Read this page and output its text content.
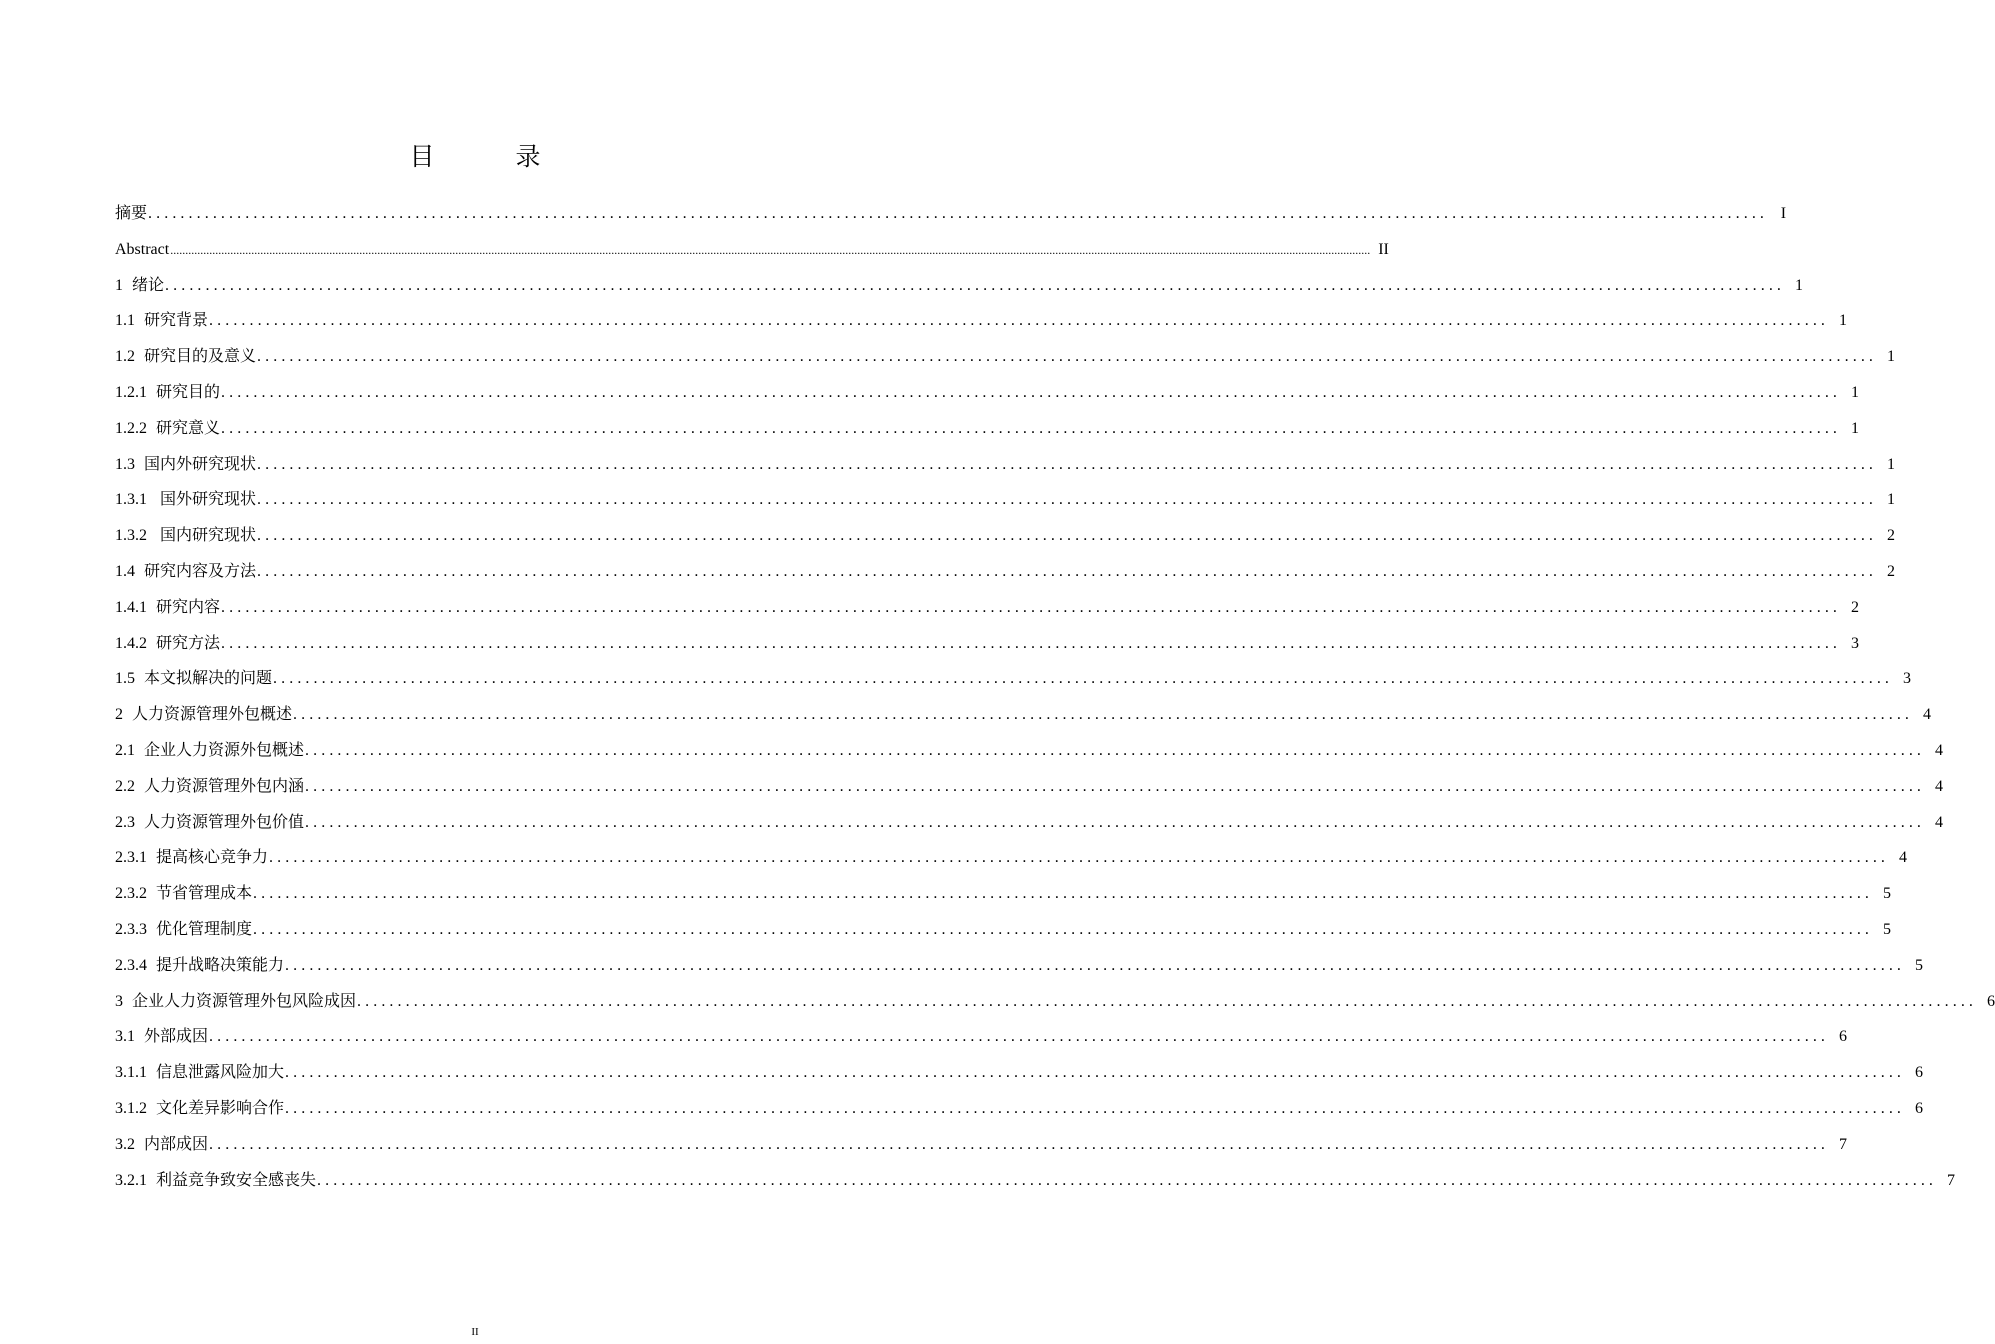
目　录
摘要 ........................................................................................................................................................................................................ I
Abstract ................................................................................................................................................................................................................................................................................................................................................................................................................ II
1 绪论 ........................................................................................................................................................................................................ 1
1.1 研究背景 ........................................................................................................................................................................................................ 1
1.2 研究目的及意义 ........................................................................................................................................................................................................ 1
1.2.1 研究目的 ........................................................................................................................................................................................................ 1
1.2.2 研究意义 ........................................................................................................................................................................................................ 1
1.3 国内外研究现状 ........................................................................................................................................................................................................ 1
1.3.1 国外研究现状 ........................................................................................................................................................................................................ 1
1.3.2 国内研究现状 ........................................................................................................................................................................................................ 2
1.4 研究内容及方法 ........................................................................................................................................................................................................ 2
1.4.1 研究内容 ........................................................................................................................................................................................................ 2
1.4.2 研究方法 ........................................................................................................................................................................................................ 3
1.5 本文拟解决的问题 ........................................................................................................................................................................................................ 3
2 人力资源管理外包概述 ........................................................................................................................................................................................................ 4
2.1 企业人力资源外包概述 ........................................................................................................................................................................................................ 4
2.2 人力资源管理外包内涵 ........................................................................................................................................................................................................ 4
2.3 人力资源管理外包价值 ........................................................................................................................................................................................................ 4
2.3.1 提高核心竞争力 ........................................................................................................................................................................................................ 4
2.3.2 节省管理成本 ........................................................................................................................................................................................................ 5
2.3.3 优化管理制度 ........................................................................................................................................................................................................ 5
2.3.4 提升战略决策能力 ........................................................................................................................................................................................................ 5
3 企业人力资源管理外包风险成因 ........................................................................................................................................................................................................ 6
3.1 外部成因 ........................................................................................................................................................................................................ 6
3.1.1 信息泄露风险加大 ........................................................................................................................................................................................................ 6
3.1.2 文化差异影响合作 ........................................................................................................................................................................................................ 6
3.2 内部成因 ........................................................................................................................................................................................................ 7
3.2.1 利益竞争致安全感丧失 ........................................................................................................................................................................................................ 7
II
